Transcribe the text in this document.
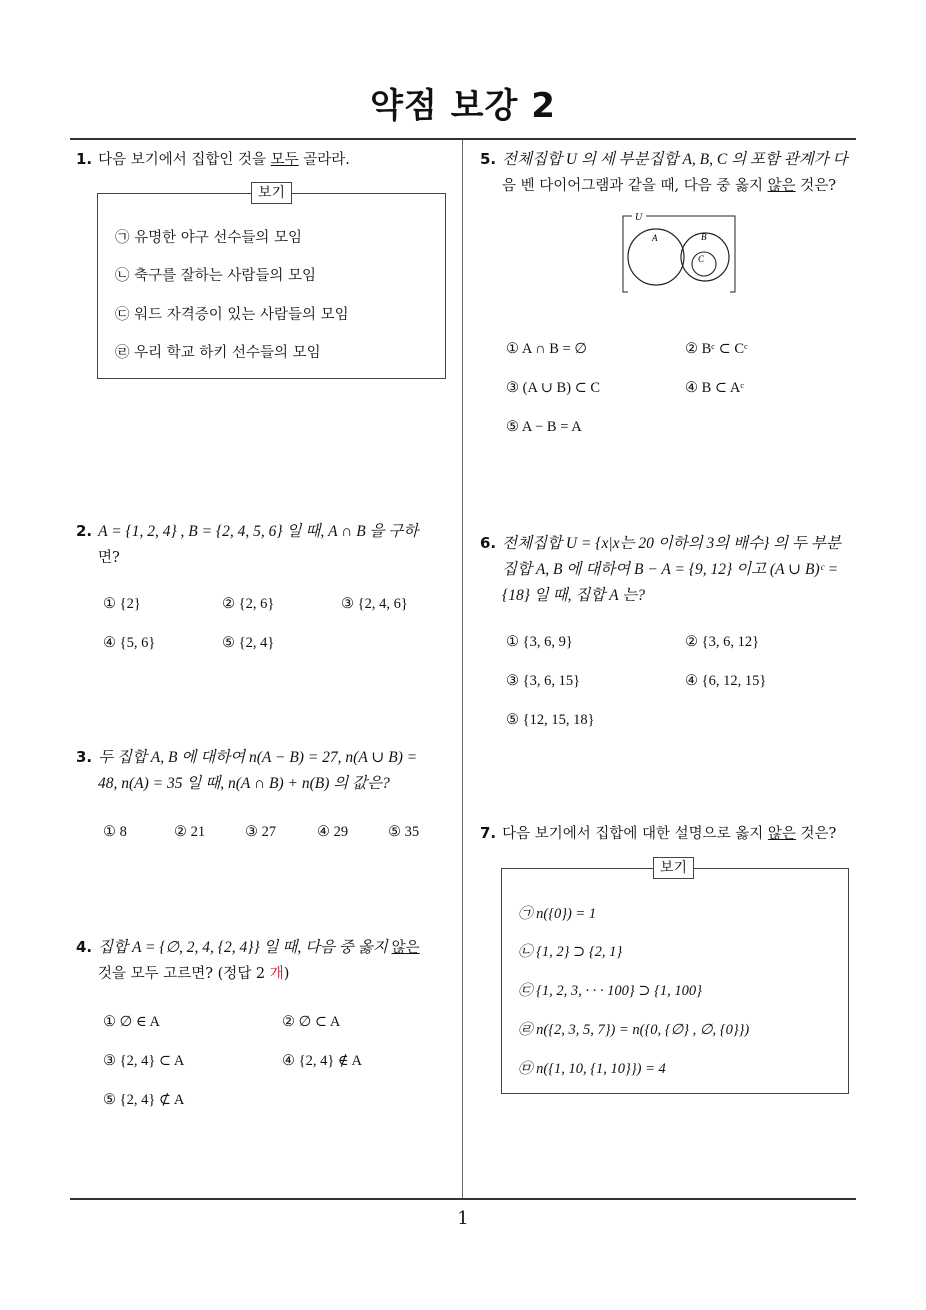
약점 보강 2
1
1. 다음 보기에서 집합인 것을 모두 골라라.
보기
㉠ 유명한 야구 선수들의 모임
㉡ 축구를 잘하는 사람들의 모임
㉢ 워드 자격증이 있는 사람들의 모임
㉣ 우리 학교 하키 선수들의 모임
2. A = {1, 2, 4} , B = {2, 4, 5, 6} 일 때, A ∩ B 을 구하
면?
① {2}	② {2, 6}	③ {2, 4, 6}
④ {5, 6}	⑤ {2, 4}
3. 두 집합 A, B 에 대하여 n(A − B) = 27, n(A ∪ B) =
48, n(A) = 35 일 때, n(A ∩ B) + n(B) 의 값은?
① 8	② 21	③ 27	④ 29	⑤ 35
4. 집합 A = {∅, 2, 4, {2, 4}} 일 때, 다음 중 옳지 않은
것을 모두 고르면? (정답 2 개)
① ∅ ∈ A	② ∅ ⊂ A
③ {2, 4} ⊂ A	④ {2, 4} ∉ A
⑤ {2, 4} ⊄ A
5. 전체집합 U 의 세 부분집합 A, B, C 의 포함 관계가 다
음 벤 다이어그램과 같을 때, 다음 중 옳지 않은 것은?
U
A	B
C
① A ∩ B = ∅	② Bᶜ ⊂ Cᶜ
③ (A ∪ B) ⊂ C	④ B ⊂ Aᶜ
⑤ A − B = A
6. 전체집합 U = {x|x는 20 이하의 3의 배수} 의 두 부분
집합 A, B 에 대하여 B − A = {9, 12} 이고 (A ∪ B)ᶜ =
{18} 일 때, 집합 A 는?
① {3, 6, 9}	② {3, 6, 12}
③ {3, 6, 15}	④ {6, 12, 15}
⑤ {12, 15, 18}
7. 다음 보기에서 집합에 대한 설명으로 옳지 않은 것은?
보기
㉠ n({0}) = 1
㉡ {1, 2} ⊃ {2, 1}
㉢ {1, 2, 3, · · · 100} ⊃ {1, 100}
㉣ n({2, 3, 5, 7}) = n({0, {∅} , ∅, {0}})
㉤ n({1, 10, {1, 10}}) = 4
